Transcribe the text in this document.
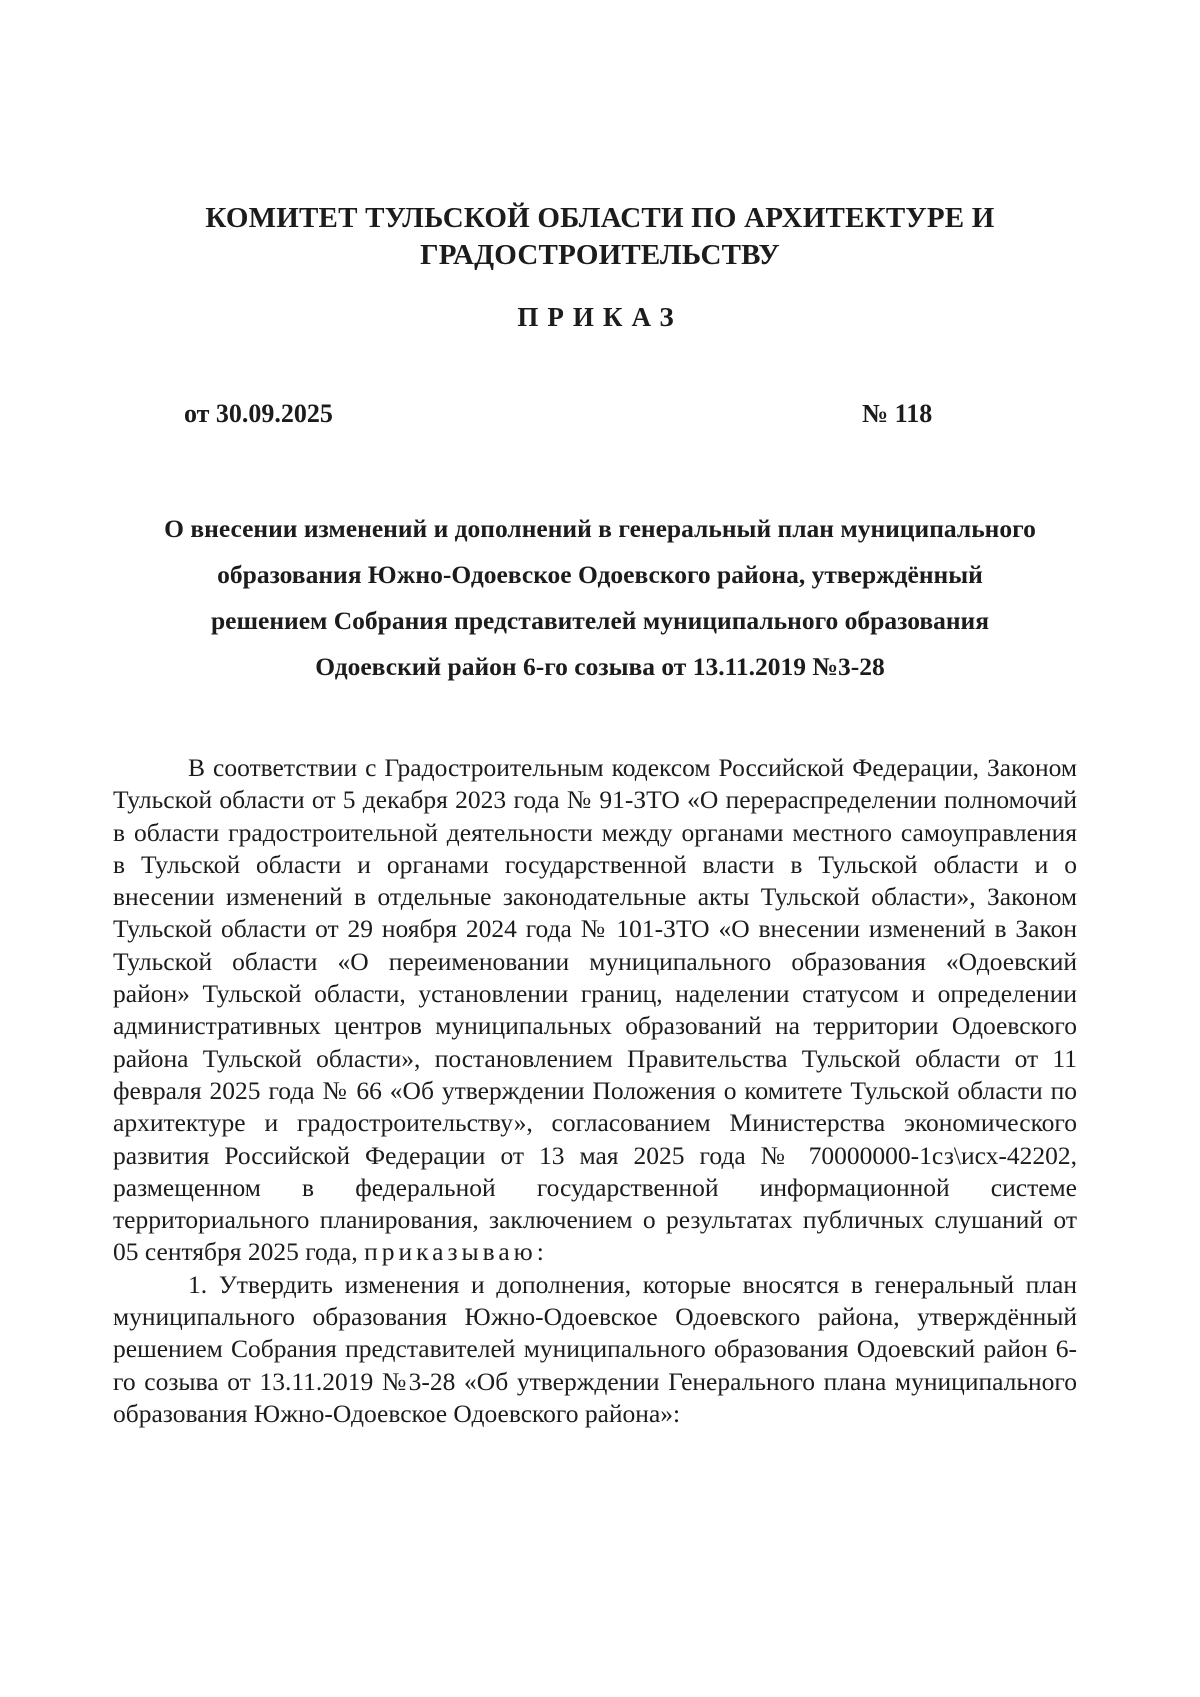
КОМИТЕТ ТУЛЬСКОЙ ОБЛАСТИ ПО АРХИТЕКТУРЕ И ГРАДОСТРОИТЕЛЬСТВУ
ПРИКАЗ
от 30.09.2025	№ 118
О внесении изменений и дополнений в генеральный план муниципального
образования Южно-Одоевское Одоевского района, утверждённый
решением Собрания представителей муниципального образования
Одоевский район 6-го созыва от 13.11.2019 №3-28

В соответствии с Градостроительным кодексом Российской Федерации, Законом Тульской области от 5 декабря 2023 года № 91-ЗТО «О перераспределении полномочий в области градостроительной деятельности между органами местного самоуправления в Тульской области и органами государственной власти в Тульской области и о внесении изменений в отдельные законодательные акты Тульской области», Законом Тульской области от 29 ноября 2024 года № 101-ЗТО «О внесении изменений в Закон Тульской области «О переименовании муниципального образования «Одоевский район» Тульской области, установлении границ, наделении статусом и определении административных центров муниципальных образований на территории Одоевского района Тульской области», постановлением Правительства Тульской области от 11 февраля 2025 года № 66 «Об утверждении Положения о комитете Тульской области по архитектуре и градостроительству», согласованием Министерства экономического развития Российской Федерации от 13 мая 2025 года № 70000000-1сз\исх-42202, размещенном в федеральной государственной информационной системе территориального планирования, заключением о результатах публичных слушаний от 05 сентября 2025 года, приказываю:

1. Утвердить изменения и дополнения, которые вносятся в генеральный план муниципального образования Южно-Одоевское Одоевского района, утверждённый решением Собрания представителей муниципального образования Одоевский район 6-го созыва от 13.11.2019 №3-28 «Об утверждении Генерального плана муниципального образования Южно-Одоевское Одоевского района»:
